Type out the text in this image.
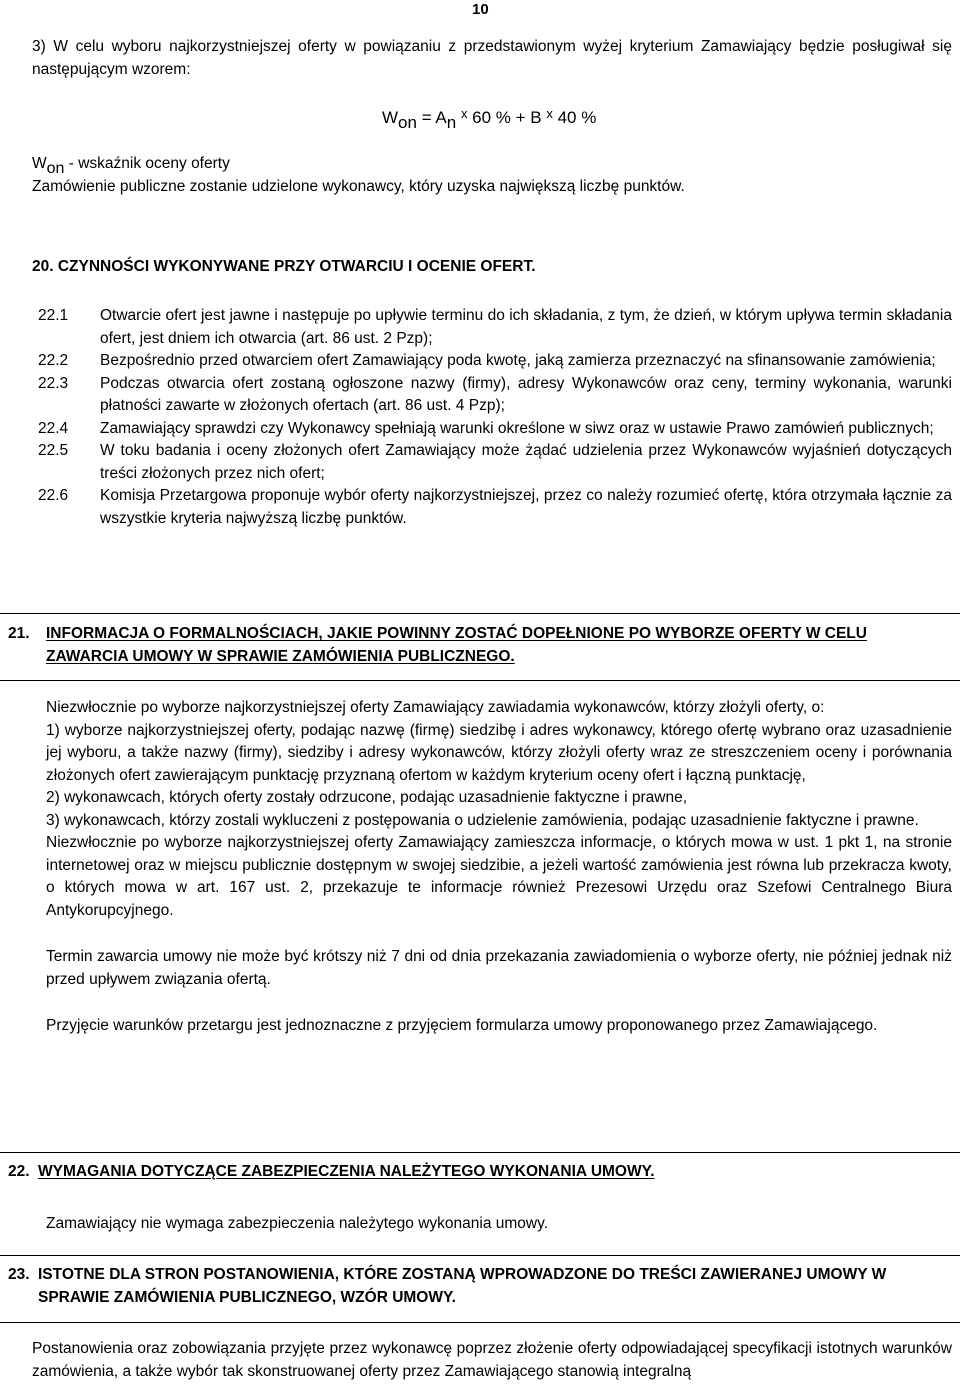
10
3) W celu wyboru najkorzystniejszej oferty w powiązaniu z przedstawionym wyżej kryterium Zamawiający będzie posługiwał się następującym wzorem:
$W_{on} = A_n$ $^x$ 60 % + B $^x$ 40 %
$W_{on}$ - wskaźnik oceny oferty
Zamówienie publiczne zostanie udzielone wykonawcy, który uzyska największą liczbę punktów.
20. CZYNNOŚCI WYKONYWANE PRZY OTWARCIU I OCENIE OFERT.
22.1	Otwarcie ofert jest jawne i następuje po upływie terminu do ich składania, z tym, że dzień, w którym upływa termin składania ofert, jest dniem ich otwarcia (art. 86 ust. 2 Pzp);
22.2	Bezpośrednio przed otwarciem ofert Zamawiający poda kwotę, jaką zamierza przeznaczyć na sfinansowanie zamówienia;
22.3	Podczas otwarcia ofert zostaną ogłoszone nazwy (firmy), adresy Wykonawców oraz ceny, terminy wykonania, warunki płatności zawarte w złożonych ofertach (art. 86 ust. 4 Pzp);
22.4	Zamawiający sprawdzi czy Wykonawcy spełniają warunki określone w siwz oraz w ustawie Prawo zamówień publicznych;
22.5	W toku badania i oceny złożonych ofert Zamawiający może żądać udzielenia przez Wykonawców wyjaśnień dotyczących treści złożonych przez nich ofert;
22.6	Komisja Przetargowa proponuje wybór oferty najkorzystniejszej, przez co należy rozumieć ofertę, która otrzymała łącznie za wszystkie kryteria najwyższą liczbę punktów.
21.	INFORMACJA O FORMALNOŚCIACH, JAKIE POWINNY ZOSTAĆ DOPEŁNIONE PO WYBORZE OFERTY W CELU ZAWARCIA UMOWY W SPRAWIE ZAMÓWIENIA PUBLICZNEGO.

Niezwłocznie po wyborze najkorzystniejszej oferty Zamawiający zawiadamia wykonawców, którzy złożyli oferty, o:

1) wyborze najkorzystniejszej oferty, podając nazwę (firmę) siedzibę i adres wykonawcy, którego ofertę wybrano oraz uzasadnienie jej wyboru, a także nazwy (firmy), siedziby i adresy wykonawców, którzy złożyli oferty wraz ze streszczeniem oceny i porównania złożonych ofert zawierającym punktację przyznaną ofertom w każdym kryterium oceny ofert i łączną punktację,

2) wykonawcach, których oferty zostały odrzucone, podając uzasadnienie faktyczne i prawne,

3) wykonawcach, którzy zostali wykluczeni z postępowania o udzielenie zamówienia, podając uzasadnienie faktyczne i prawne.

Niezwłocznie po wyborze najkorzystniejszej oferty Zamawiający zamieszcza informacje, o których mowa w ust. 1 pkt 1, na stronie internetowej oraz w miejscu publicznie dostępnym w swojej siedzibie, a jeżeli wartość zamówienia jest równa lub przekracza kwoty, o których mowa w art. 167 ust. 2, przekazuje te informacje również Prezesowi Urzędu oraz Szefowi Centralnego Biura Antykorupcyjnego.

Termin zawarcia umowy nie może być krótszy niż 7 dni od dnia przekazania zawiadomienia o wyborze oferty, nie później jednak niż przed upływem związania ofertą.

Przyjęcie warunków przetargu jest jednoznaczne z przyjęciem formularza umowy proponowanego przez Zamawiającego.

22. WYMAGANIA DOTYCZĄCE ZABEZPIECZENIA NALEŻYTEGO WYKONANIA UMOWY.
Zamawiający nie wymaga zabezpieczenia należytego wykonania umowy.
23. ISTOTNE DLA STRON POSTANOWIENIA, KTÓRE ZOSTANĄ WPROWADZONE DO TREŚCI ZAWIERANEJ UMOWY W SPRAWIE ZAMÓWIENIA PUBLICZNEGO, WZÓR UMOWY.
Postanowienia oraz zobowiązania przyjęte przez wykonawcę poprzez złożenie oferty odpowiadającej specyfikacji istotnych warunków zamówienia, a także wybór tak skonstruowanej oferty przez Zamawiającego stanowią integralną
